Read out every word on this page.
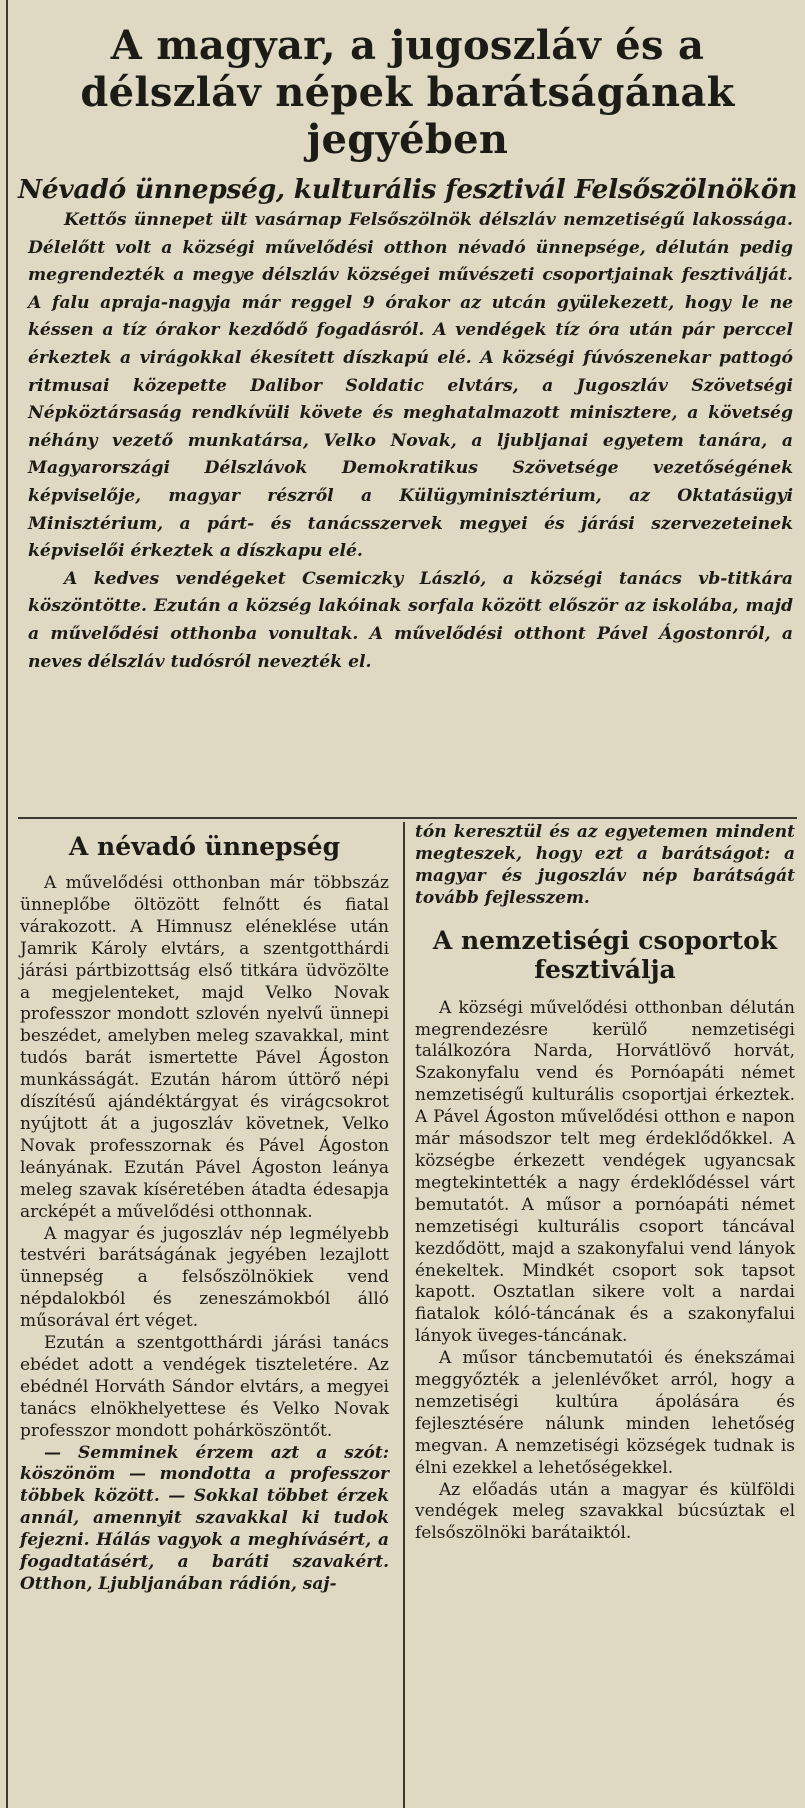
A magyar, a jugoszláv és a délszláv népek barátságának jegyében
Névadó ünnepség, kulturális fesztivál Felsőszölnökön

Kettős ünnepet ült vasárnap Felsőszölnök délszláv nemzetiségű lakossága. Délelőtt volt a községi művelődési otthon névadó ünnepsége, délután pedig megrendezték a megye délszláv községei művészeti csoportjainak fesztiválját. A falu apraja-nagyja már reggel 9 órakor az utcán gyülekezett, hogy le ne késsen a tíz órakor kezdődő fogadásról. A vendégek tíz óra után pár perccel érkeztek a virágokkal ékesített díszkapú elé. A községi fúvószenekar pattogó ritmusai közepette Dalibor Soldatic elvtárs, a Jugoszláv Szövetségi Népköztársaság rendkívüli követe és meghatalmazott minisztere, a követség néhány vezető munkatársa, Velko Novak, a ljubljanai egyetem tanára, a Magyarországi Délszlávok Demokratikus Szövetsége vezetőségének képviselője, magyar részről a Külügyminisztérium, az Oktatásügyi Minisztérium, a párt- és tanácsszervek megyei és járási szervezeteinek képviselői érkeztek a díszkapu elé.

A kedves vendégeket Csemiczky László, a községi tanács vb-titkára köszöntötte. Ezután a község lakóinak sorfala között először az iskolába, majd a művelődési otthonba vonultak. A művelődési otthont Pável Ágostonról, a neves délszláv tudósról nevezték el.

A névadó ünnepség

A művelődési otthonban már többszáz ünneplőbe öltözött felnőtt és fiatal várakozott. A Himnusz eléneklése után Jamrik Károly elvtárs, a szentgotthárdi járási pártbizottság első titkára üdvözölte a megjelenteket, majd Velko Novak professzor mondott szlovén nyelvű ünnepi beszédet, amelyben meleg szavakkal, mint tudós barát ismertette Pável Ágoston munkásságát. Ezután három úttörő népi díszítésű ajándéktárgyat és virágcsokrot nyújtott át a jugoszláv követnek, Velko Novak professzornak és Pável Ágoston leányának. Ezután Pável Ágoston leánya meleg szavak kíséretében átadta édesapja arcképét a művelődési otthonnak.

A magyar és jugoszláv nép legmélyebb testvéri barátságának jegyében lezajlott ünnepség a felsőszölnökiek vend népdalokból és zeneszámokból álló műsorával ért véget.

Ezután a szentgotthárdi járási tanács ebédet adott a vendégek tiszteletére. Az ebédnél Horváth Sándor elvtárs, a megyei tanács elnökhelyettese és Velko Novak professzor mondott pohárköszöntőt.

— Semminek érzem azt a szót: köszönöm — mondotta a professzor többek között. — Sokkal többet érzek annál, amennyit szavakkal ki tudok fejezni. Hálás vagyok a meghívásért, a fogadtatásért, a baráti szavakért. Otthon, Ljubljanában rádión, saj-

tón keresztül és az egyetemen mindent megteszek, hogy ezt a barátságot: a magyar és jugoszláv nép barátságát tovább fejlesszem.

A nemzetiségi csoportok fesztiválja

A községi művelődési otthonban délután megrendezésre kerülő nemzetiségi találkozóra Narda, Horvátlövő horvát, Szakonyfalu vend és Pornóapáti német nemzetiségű kulturális csoportjai érkeztek. A Pável Ágoston művelődési otthon e napon már másodszor telt meg érdeklődőkkel. A községbe érkezett vendégek ugyancsak megtekintették a nagy érdeklődéssel várt bemutatót. A műsor a pornóapáti német nemzetiségi kulturális csoport táncával kezdődött, majd a szakonyfalui vend lányok énekeltek. Mindkét csoport sok tapsot kapott. Osztatlan sikere volt a nardai fiatalok kóló-táncának és a szakonyfalui lányok üveges-táncának.

A műsor táncbemutatói és énekszámai meggyőzték a jelenlévőket arról, hogy a nemzetiségi kultúra ápolására és fejlesztésére nálunk minden lehetőség megvan. A nemzetiségi községek tudnak is élni ezekkel a lehetőségekkel.

Az előadás után a magyar és külföldi vendégek meleg szavakkal búcsúztak el felsőszölnöki barátaiktól.
